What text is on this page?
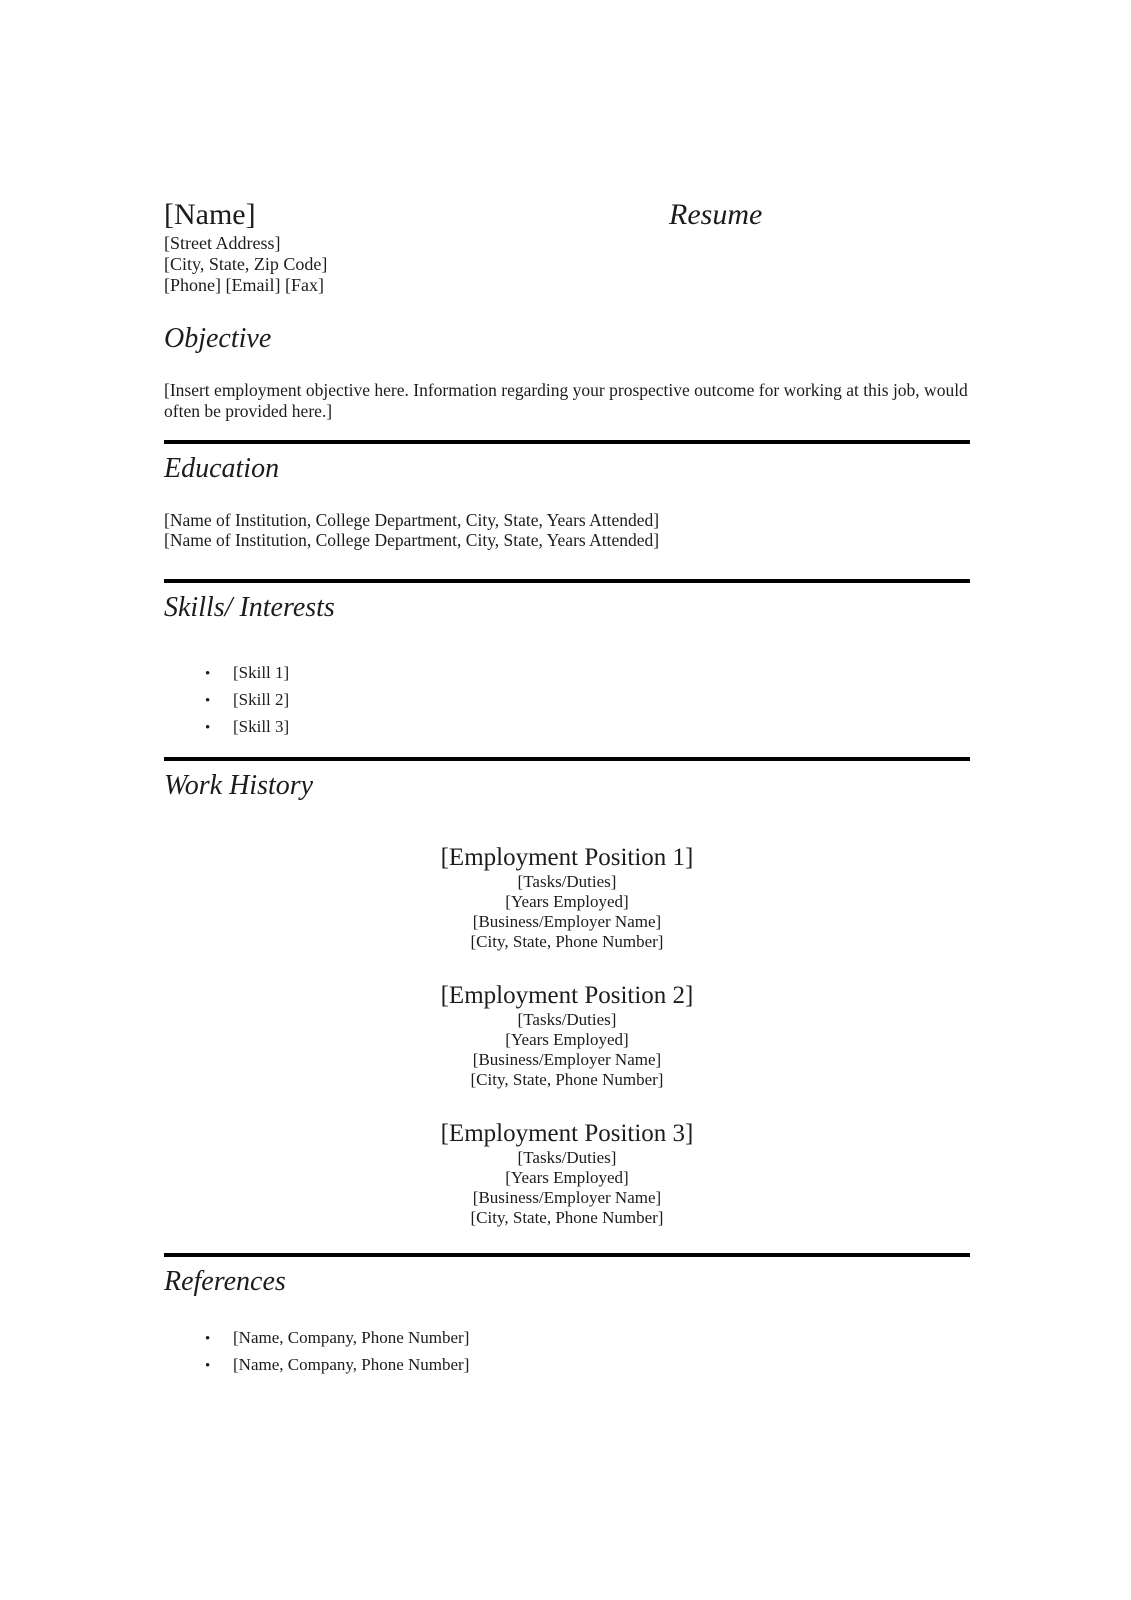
[Name]	Resume
[Street Address]
[City, State, Zip Code]
[Phone] [Email] [Fax]
Objective

[Insert employment objective here. Information regarding your prospective outcome for working at this job, would often be provided here.]

Education
[Name of Institution, College Department, City, State, Years Attended]
[Name of Institution, College Department, City, State, Years Attended]
Skills/ Interests
•	[Skill 1]
•	[Skill 2]
•	[Skill 3]
Work History
[Employment Position 1]
[Tasks/Duties]
[Years Employed]
[Business/Employer Name]
[City, State, Phone Number]
[Employment Position 2]
[Tasks/Duties]
[Years Employed]
[Business/Employer Name]
[City, State, Phone Number]
[Employment Position 3]
[Tasks/Duties]
[Years Employed]
[Business/Employer Name]
[City, State, Phone Number]
References
•	[Name, Company, Phone Number]
•	[Name, Company, Phone Number]
